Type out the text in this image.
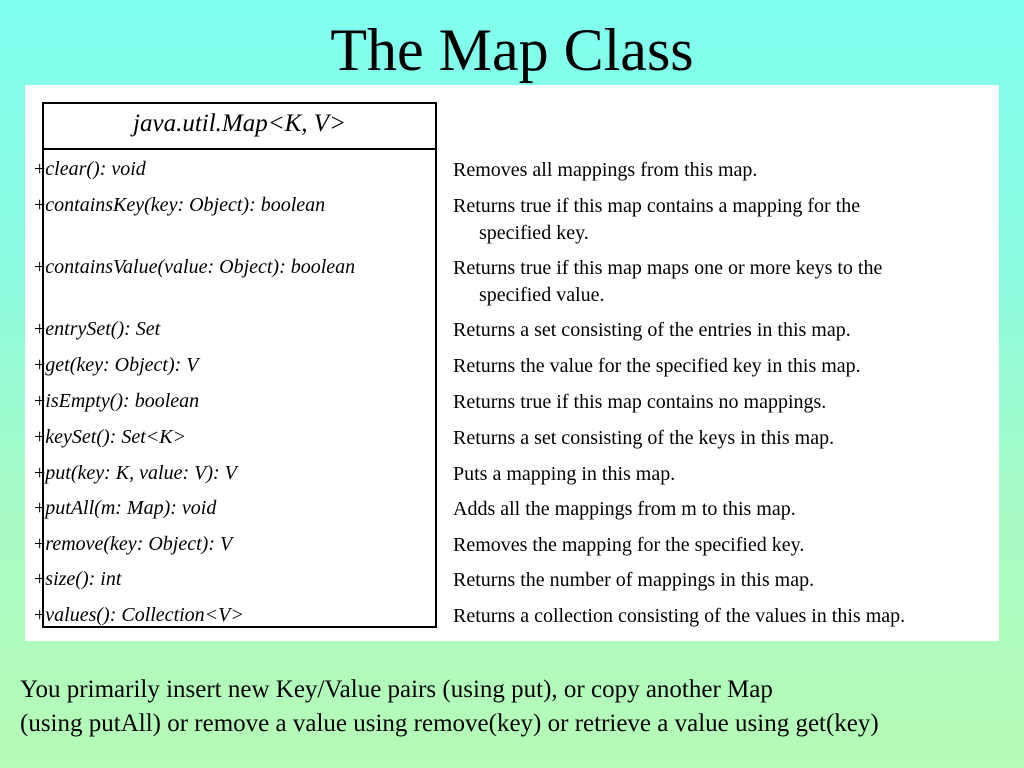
The Map Class
java.util.Map<K, V>
+clear(): void
+containsKey(key: Object): boolean
+containsValue(value: Object): boolean
+entrySet(): Set
+get(key: Object): V
+isEmpty(): boolean
+keySet(): Set<K>
+put(key: K, value: V): V
+putAll(m: Map): void
+remove(key: Object): V
+size(): int
+values(): Collection<V>
Removes all mappings from this map.
Returns true if this map contains a mapping for the
specified key.
Returns true if this map maps one or more keys to the
specified value.
Returns a set consisting of the entries in this map.
Returns the value for the specified key in this map.
Returns true if this map contains no mappings.
Returns a set consisting of the keys in this map.
Puts a mapping in this map.
Adds all the mappings from m to this map.
Removes the mapping for the specified key.
Returns the number of mappings in this map.
Returns a collection consisting of the values in this map.
You primarily insert new Key/Value pairs (using put), or copy another Map
(using putAll) or remove a value using remove(key) or retrieve a value using get(key)
